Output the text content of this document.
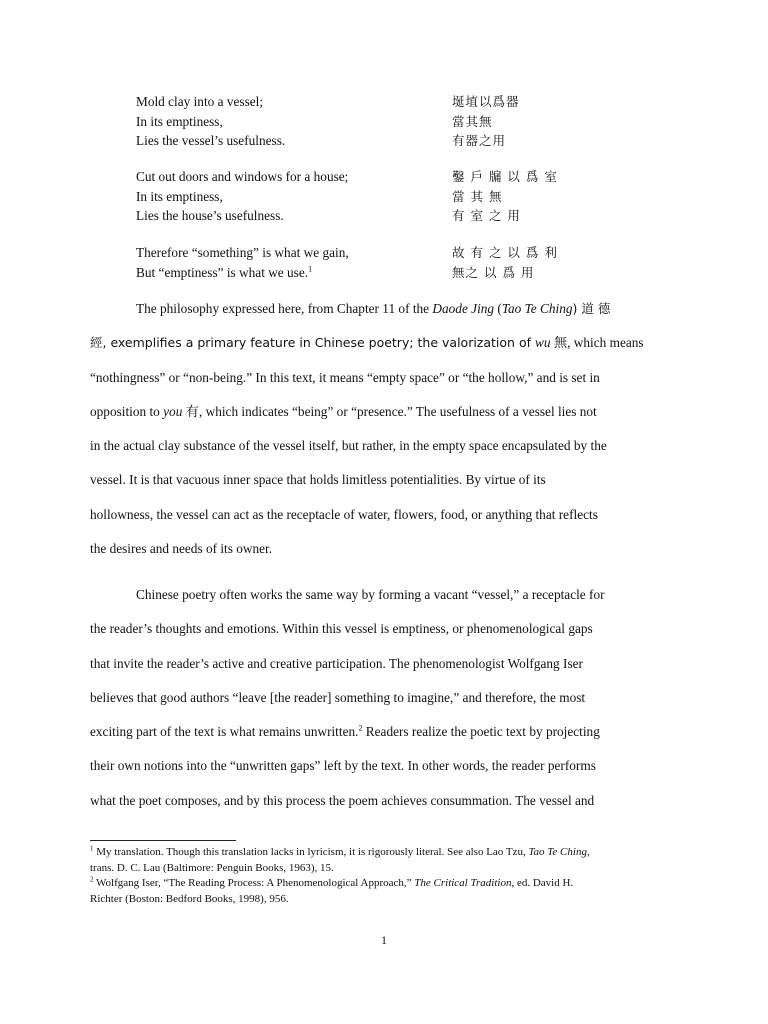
Mold clay into a vessel;	埏埴以爲器
In its emptiness,	當其無
Lies the vessel’s usefulness.	有器之用
Cut out doors and windows for a house;	鑿 戶 牖 以 爲 室
In its emptiness,	當 其 無
Lies the house’s usefulness.	有 室 之 用
Therefore “something” is what we gain,	故 有 之 以 爲 利
But “emptiness” is what we use.$^1$	無之 以 爲 用

The philosophy expressed here, from Chapter 11 of the Daode Jing (Tao Te Ching) 道 德
經, exemplifies a primary feature in Chinese poetry; the valorization of wu 無, which means
“nothingness” or “non-being.” In this text, it means “empty space” or “the hollow,” and is set in
opposition to you 有, which indicates “being” or “presence.” The usefulness of a vessel lies not
in the actual clay substance of the vessel itself, but rather, in the empty space encapsulated by the
vessel. It is that vacuous inner space that holds limitless potentialities. By virtue of its
hollowness, the vessel can act as the receptacle of water, flowers, food, or anything that reflects
the desires and needs of its owner.

Chinese poetry often works the same way by forming a vacant “vessel,” a receptacle for
the reader’s thoughts and emotions. Within this vessel is emptiness, or phenomenological gaps
that invite the reader’s active and creative participation. The phenomenologist Wolfgang Iser
believes that good authors “leave [the reader] something to imagine,” and therefore, the most
exciting part of the text is what remains unwritten.$^2$ Readers realize the poetic text by projecting
their own notions into the “unwritten gaps” left by the text. In other words, the reader performs
what the poet composes, and by this process the poem achieves consummation. The vessel and

$^1$ My translation. Though this translation lacks in lyricism, it is rigorously literal. See also Lao Tzu, Tao Te Ching,
trans. D. C. Lau (Baltimore: Penguin Books, 1963), 15.
$^2$ Wolfgang Iser, “The Reading Process: A Phenomenological Approach,” The Critical Tradition, ed. David H.
Richter (Boston: Bedford Books, 1998), 956.
1
